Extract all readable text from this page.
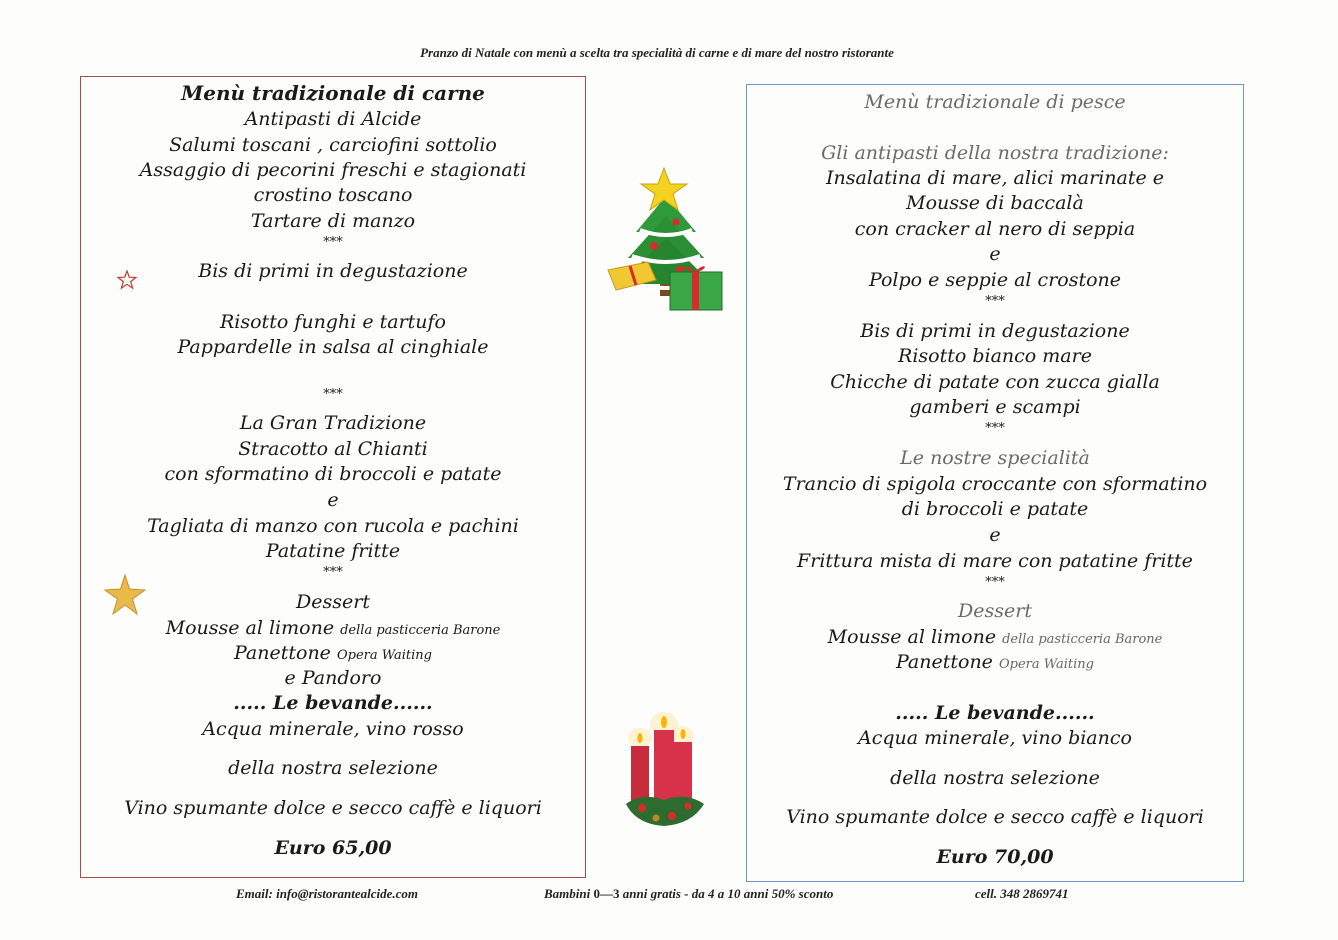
Pranzo di Natale con menù a scelta tra specialità di carne e di mare del nostro ristorante
Menù tradizionale di carne
Antipasti di Alcide
Salumi toscani , carciofini sottolio
Assaggio di pecorini freschi e stagionati
crostino toscano
Tartare di manzo
***
Bis di primi in degustazione
Risotto funghi e tartufo
Pappardelle in salsa al cinghiale
***
La Gran Tradizione
Stracotto al Chianti
con sformatino di broccoli e patate
e
Tagliata di manzo con rucola e pachini
Patatine fritte
***
Dessert
Mousse al limone della pasticceria Barone
Panettone Opera Waiting
e Pandoro
..... Le bevande......
Acqua minerale, vino rosso
della nostra selezione
Vino spumante dolce e secco caffè e liquori
Euro 65,00
Menù tradizionale di pesce
Gli antipasti della nostra tradizione:
Insalatina di mare, alici marinate e
Mousse di baccalà
con cracker al nero di seppia
e
Polpo e seppie al crostone
***
Bis di primi in degustazione
Risotto bianco mare
Chicche di patate con zucca gialla
gamberi e scampi
***
Le nostre specialità
Trancio di spigola croccante con sformatino
di broccoli e patate
e
Frittura mista di mare con patatine fritte
***
Dessert
Mousse al limone della pasticceria Barone
Panettone Opera Waiting
..... Le bevande......
Acqua minerale, vino bianco
della nostra selezione
Vino spumante dolce e secco caffè e liquori
Euro 70,00
Email: info@ristorantealcide.com	Bambini 0—3 anni gratis - da 4 a 10 anni 50% sconto	cell. 348 2869741
